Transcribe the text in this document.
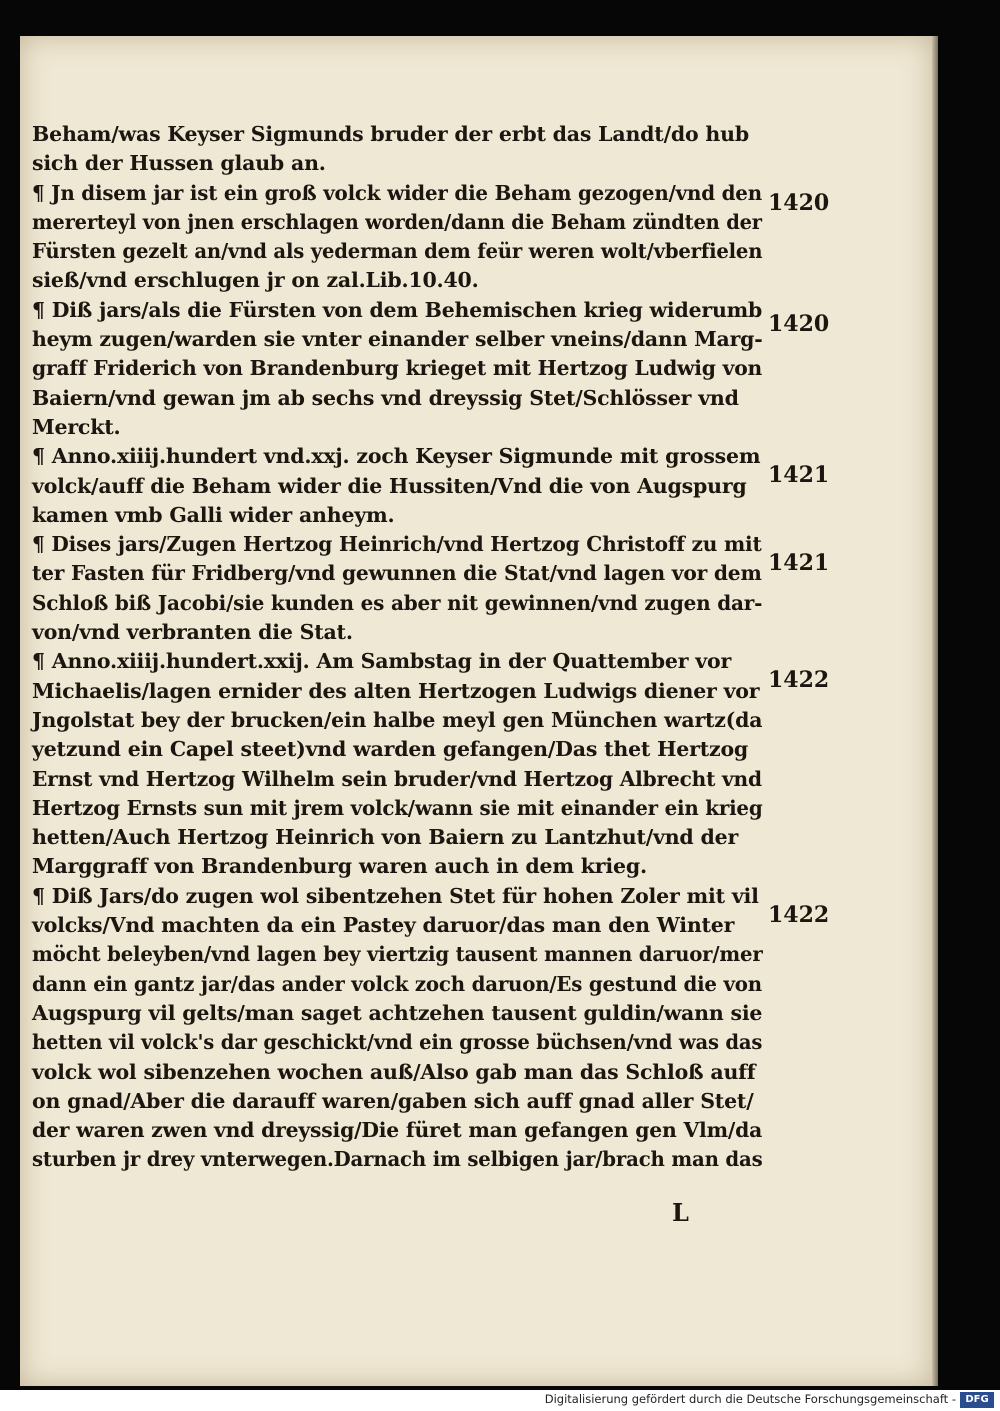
Beham/was Keyser Sigmunds bruder der erbt das Landt/do hub
sich der Hussen glaub an.
¶ Jn disem jar ist ein groß volck wider die Beham gezogen/vnd den
mererteyl von jnen erschlagen worden/dann die Beham zündten der
Fürsten gezelt an/vnd als yederman dem feür weren wolt/vberfielen
sieß/vnd erschlugen jr on zal.Lib.10.40.
¶ Diß jars/als die Fürsten von dem Behemischen krieg widerumb
heym zugen/warden sie vnter einander selber vneins/dann Marg-
graff Friderich von Brandenburg krieget mit Hertzog Ludwig von
Baiern/vnd gewan jm ab sechs vnd dreyssig Stet/Schlösser vnd
Merckt.
¶ Anno.xiiij.hundert vnd.xxj. zoch Keyser Sigmunde mit grossem
volck/auff die Beham wider die Hussiten/Vnd die von Augspurg
kamen vmb Galli wider anheym.
¶ Dises jars/Zugen Hertzog Heinrich/vnd Hertzog Christoff zu mit
ter Fasten für Fridberg/vnd gewunnen die Stat/vnd lagen vor dem
Schloß biß Jacobi/sie kunden es aber nit gewinnen/vnd zugen dar-
von/vnd verbranten die Stat.
¶ Anno.xiiij.hundert.xxij. Am Sambstag in der Quattember vor
Michaelis/lagen ernider des alten Hertzogen Ludwigs diener vor
Jngolstat bey der brucken/ein halbe meyl gen München wartz(da
yetzund ein Capel steet)vnd warden gefangen/Das thet Hertzog
Ernst vnd Hertzog Wilhelm sein bruder/vnd Hertzog Albrecht vnd
Hertzog Ernsts sun mit jrem volck/wann sie mit einander ein krieg
hetten/Auch Hertzog Heinrich von Baiern zu Lantzhut/vnd der
Marggraff von Brandenburg waren auch in dem krieg.
¶ Diß Jars/do zugen wol sibentzehen Stet für hohen Zoler mit vil
volcks/Vnd machten da ein Pastey daruor/das man den Winter
möcht beleyben/vnd lagen bey viertzig tausent mannen daruor/mer
dann ein gantz jar/das ander volck zoch daruon/Es gestund die von
Augspurg vil gelts/man saget achtzehen tausent guldin/wann sie
hetten vil volck's dar geschickt/vnd ein grosse büchsen/vnd was das
volck wol sibenzehen wochen auß/Also gab man das Schloß auff
on gnad/Aber die darauff waren/gaben sich auff gnad aller Stet/
der waren zwen vnd dreyssig/Die füret man gefangen gen Vlm/da
sturben jr drey vnterwegen.Darnach im selbigen jar/brach man das
1420
1420
1421
1421
1422
1422
L
Digitalisierung gefördert durch die Deutsche Forschungsgemeinschaft - DFG
